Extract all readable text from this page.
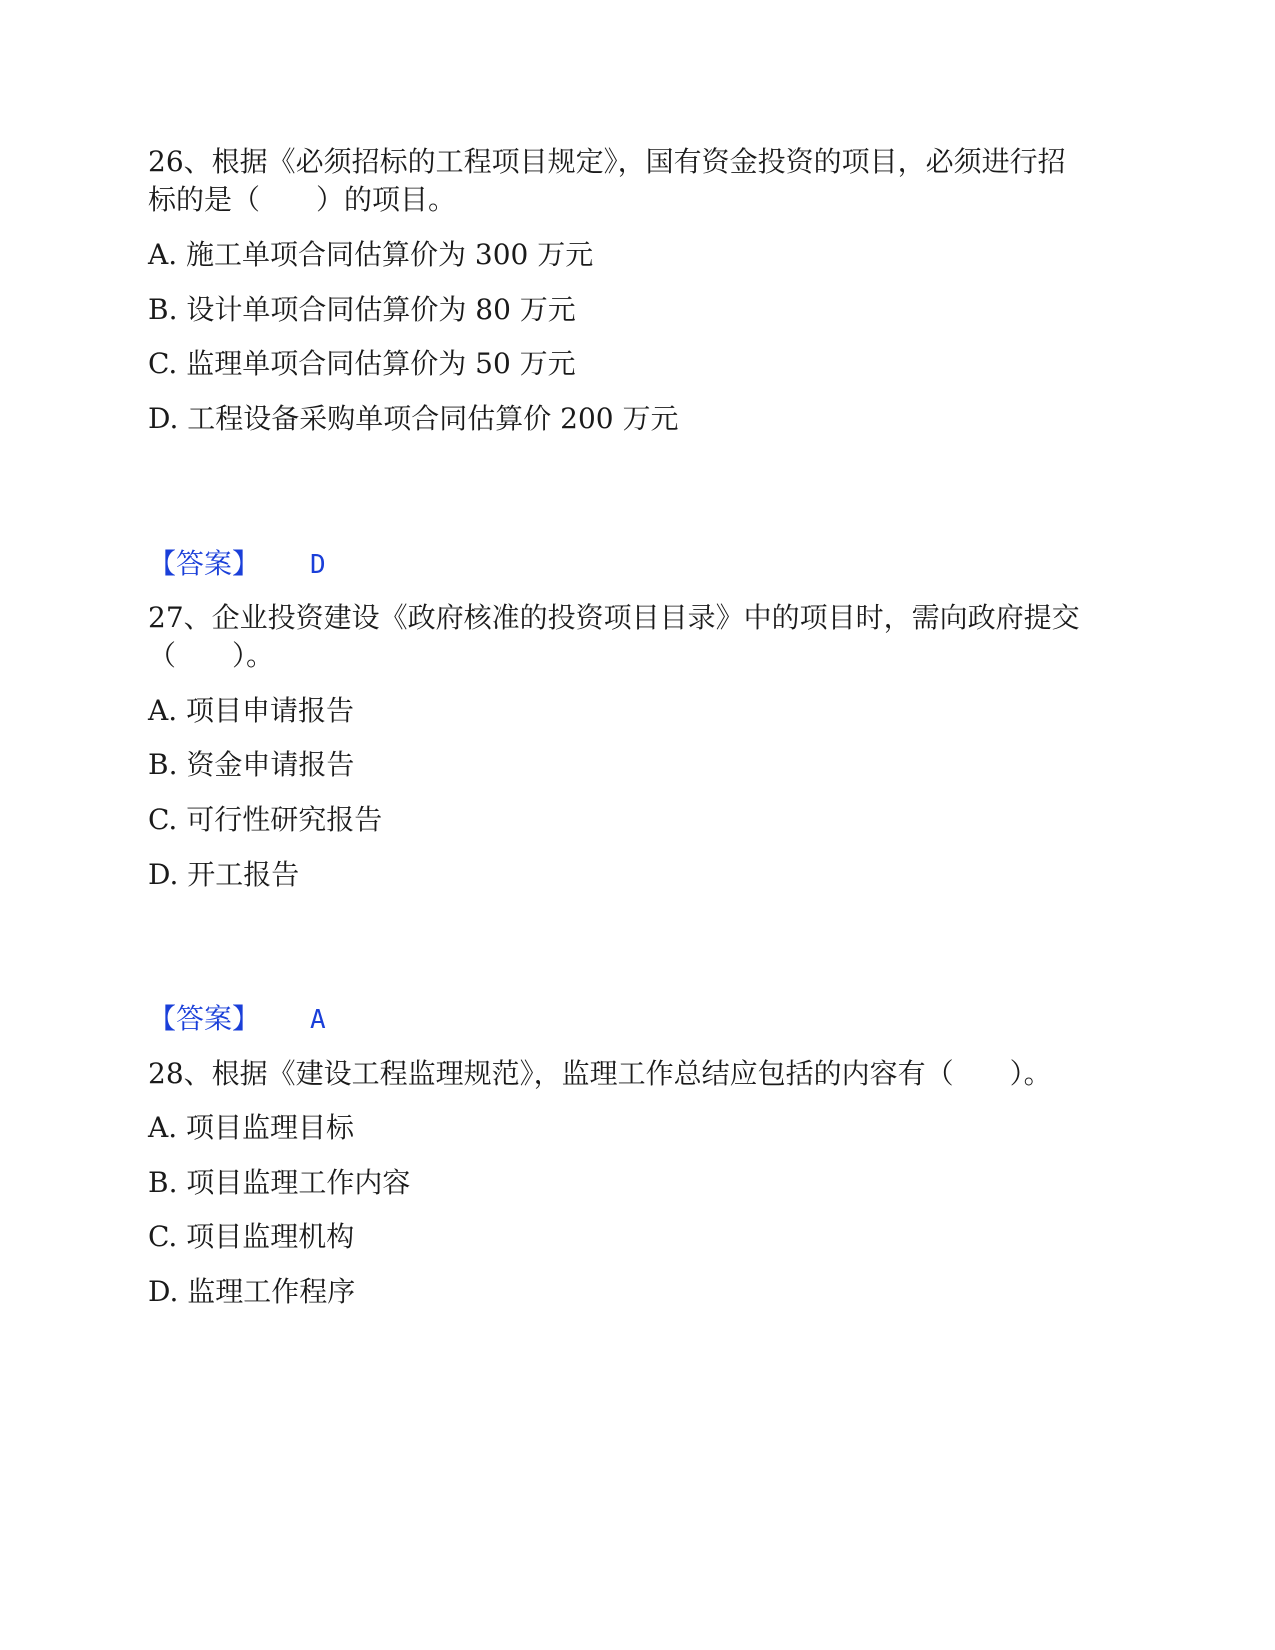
26、根据《必须招标的工程项目规定》，国有资金投资的项目，必须进行招
标的是（　　）的项目。
A. 施工单项合同估算价为 300 万元
B. 设计单项合同估算价为 80 万元
C. 监理单项合同估算价为 50 万元
D. 工程设备采购单项合同估算价 200 万元
【答案】 D
27、企业投资建设《政府核准的投资项目目录》中的项目时，需向政府提交
（　　）。
A. 项目申请报告
B. 资金申请报告
C. 可行性研究报告
D. 开工报告
【答案】 A
28、根据《建设工程监理规范》，监理工作总结应包括的内容有（　　）。
A. 项目监理目标
B. 项目监理工作内容
C. 项目监理机构
D. 监理工作程序
